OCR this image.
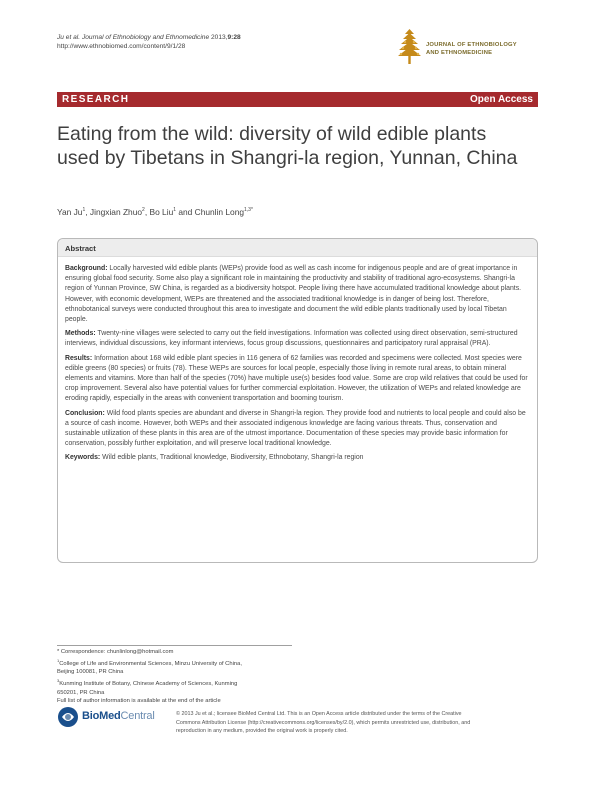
Ju et al. Journal of Ethnobiology and Ethnomedicine 2013,9:28
http://www.ethnobiomed.com/content/9/1/28	JOURNAL OF ETHNOBIOLOGY
AND ETHNOMEDICINE
RESEARCH	Open Access
Eating from the wild: diversity of wild edible plants used by Tibetans in Shangri-la region, Yunnan, China
Yan Ju$^1$, Jingxian Zhuo$^2$, Bo Liu$^1$ and Chunlin Long$^{1,3*}$
Abstract

Background: Locally harvested wild edible plants (WEPs) provide food as well as cash income for indigenous people and are of great importance in ensuring global food security. Some also play a significant role in maintaining the productivity and stability of traditional agro-ecosystems. Shangri-la region of Yunnan Province, SW China, is regarded as a biodiversity hotspot. People living there have accumulated traditional knowledge about plants. However, with economic development, WEPs are threatened and the associated traditional knowledge is in danger of being lost. Therefore, ethnobotanical surveys were conducted throughout this area to investigate and document the wild edible plants traditionally used by local Tibetan people.

Methods: Twenty-nine villages were selected to carry out the field investigations. Information was collected using direct observation, semi-structured interviews, individual discussions, key informant interviews, focus group discussions, questionnaires and participatory rural appraisal (PRA).

Results: Information about 168 wild edible plant species in 116 genera of 62 families was recorded and specimens were collected. Most species were edible greens (80 species) or fruits (78). These WEPs are sources for local people, especially those living in remote rural areas, to obtain mineral elements and vitamins. More than half of the species (70%) have multiple use(s) besides food value. Some are crop wild relatives that could be used for crop improvement. Several also have potential values for further commercial exploitation. However, the utilization of WEPs and related knowledge are eroding rapidly, especially in the areas with convenient transportation and booming tourism.

Conclusion: Wild food plants species are abundant and diverse in Shangri-la region. They provide food and nutrients to local people and could also be a source of cash income. However, both WEPs and their associated indigenous knowledge are facing various threats. Thus, conservation and sustainable utilization of these plants in this area are of the utmost importance. Documentation of these species may provide basic information for conservation, possibly further exploitation, and will preserve local traditional knowledge.

Keywords: Wild edible plants, Traditional knowledge, Biodiversity, Ethnobotany, Shangri-la region

* Correspondence: chunlinlong@hotmail.com
$^1$College of Life and Environmental Sciences, Minzu University of China,
Beijing 100081, PR China
$^3$Kunming Institute of Botany, Chinese Academy of Sciences, Kunming
650201, PR China
Full list of author information is available at the end of the article
BioMedCentral	© 2013 Ju et al.; licensee BioMed Central Ltd. This is an Open Access article distributed under the terms of the Creative
Commons Attribution License (http://creativecommons.org/licenses/by/2.0), which permits unrestricted use, distribution, and
reproduction in any medium, provided the original work is properly cited.
